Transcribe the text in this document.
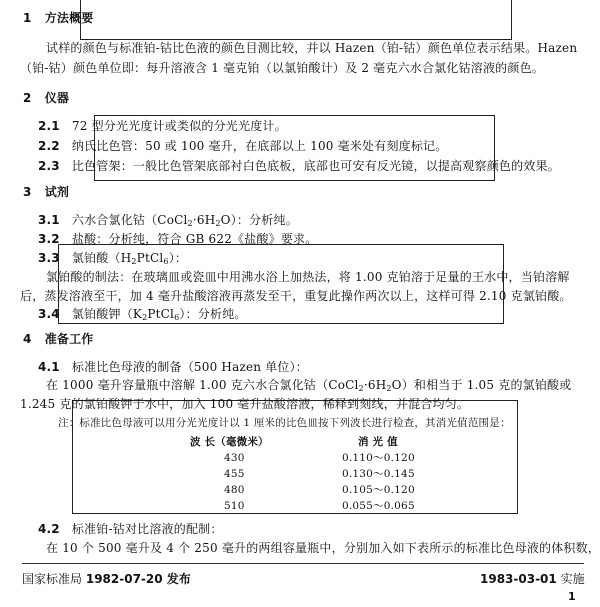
1 方法概要
试样的颜色与标准铂-钴比色液的颜色目测比较，并以 Hazen（铂-钴）颜色单位表示结果。Hazen
（铂-钴）颜色单位即：每升溶液含 1 毫克铂（以氯铂酸计）及 2 毫克六水合氯化钴溶液的颜色。
2 仪器
2.1 72 型分光光度计或类似的分光光度计。
2.2 纳氏比色管：50 或 100 毫升，在底部以上 100 毫米处有刻度标记。
2.3 比色管架：一般比色管架底部衬白色底板，底部也可安有反光镜，以提高观察颜色的效果。
3 试剂
3.1 六水合氯化钴$(CoCl_2\cdot 6H_2O)$：分析纯。
3.2 盐酸：分析纯，符合 GB 622《盐酸》要求。
3.3 氯铂酸$(H_2PtCl_6)$：
氯铂酸的制法：在玻璃皿或瓷皿中用沸水浴上加热法，将 1.00 克铂溶于足量的王水中，当铂溶解
后，蒸发溶液至干，加 4 毫升盐酸溶液再蒸发至干，重复此操作两次以上，这样可得 2.10 克氯铂酸。
3.4 氯铂酸钾$(K_2PtCl_6)$：分析纯。
4 准备工作
4.1 标准比色母液的制备（500 Hazen 单位）：
在 1000 毫升容量瓶中溶解 1.00 克六水合氯化钴$(CoCl_2\cdot 6H_2O)$和相当于 1.05 克的氯铂酸或
1.245 克的氯铂酸钾于水中，加入 100 毫升盐酸溶液，稀释到刻线，并混合均匀。
注：标准比色母液可以用分光光度计以 1 厘米的比色皿按下列波长进行检查，其消光值范围是：
波 长（毫微米）	消 光 值
430	0.110～0.120
455	0.130～0.145
480	0.105～0.120
510	0.055～0.065
4.2 标准铂-钴对比溶液的配制：
在 10 个 500 毫升及 4 个 250 毫升的两组容量瓶中，分别加入如下表所示的标准比色母液的体积数，
国家标准局 1982-07-20 发布	1983-03-01 实施
1
